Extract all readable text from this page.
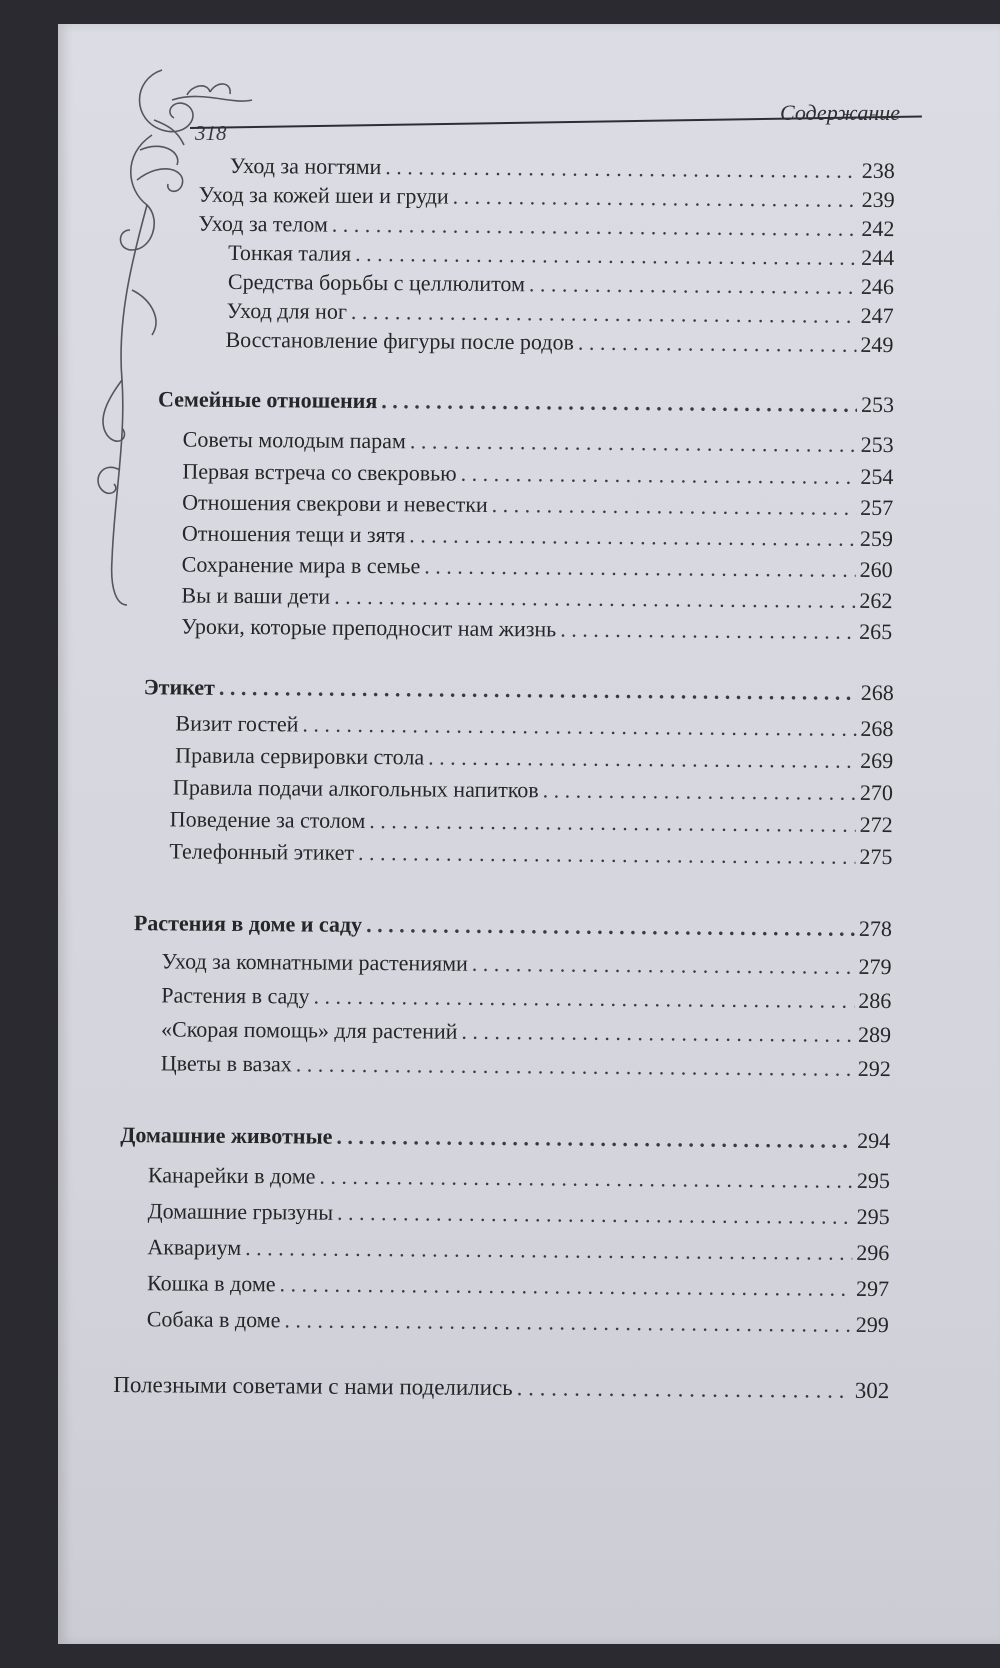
318
Содержание
Уход за ногтями . . .	238
Уход за кожей шеи и груди . . .	239
Уход за телом . . .	242
Тонкая талия . . .	244
Средства борьбы с целлюлитом . . .	246
Уход для ног . . .	247
Восстановление фигуры после родов . . .	249
Семейные отношения . . .	253
Советы молодым парам . . .	253
Первая встреча со свекровью . . .	254
Отношения свекрови и невестки . . .	257
Отношения тещи и зятя . . .	259
Сохранение мира в семье . . .	260
Вы и ваши дети . . .	262
Уроки, которые преподносит нам жизнь . . .	265
Этикет . . .	268
Визит гостей . . .	268
Правила сервировки стола . . .	269
Правила подачи алкогольных напитков . . .	270
Поведение за столом . . .	272
Телефонный этикет . . .	275
Растения в доме и саду . . .	278
Уход за комнатными растениями . . .	279
Растения в саду . . .	286
«Скорая помощь» для растений . . .	289
Цветы в вазах . . .	292
Домашние животные . . .	294
Канарейки в доме . . .	295
Домашние грызуны . . .	295
Аквариум . . .	296
Кошка в доме . . .	297
Собака в доме . . .	299
Полезными советами с нами поделились . . .	302
